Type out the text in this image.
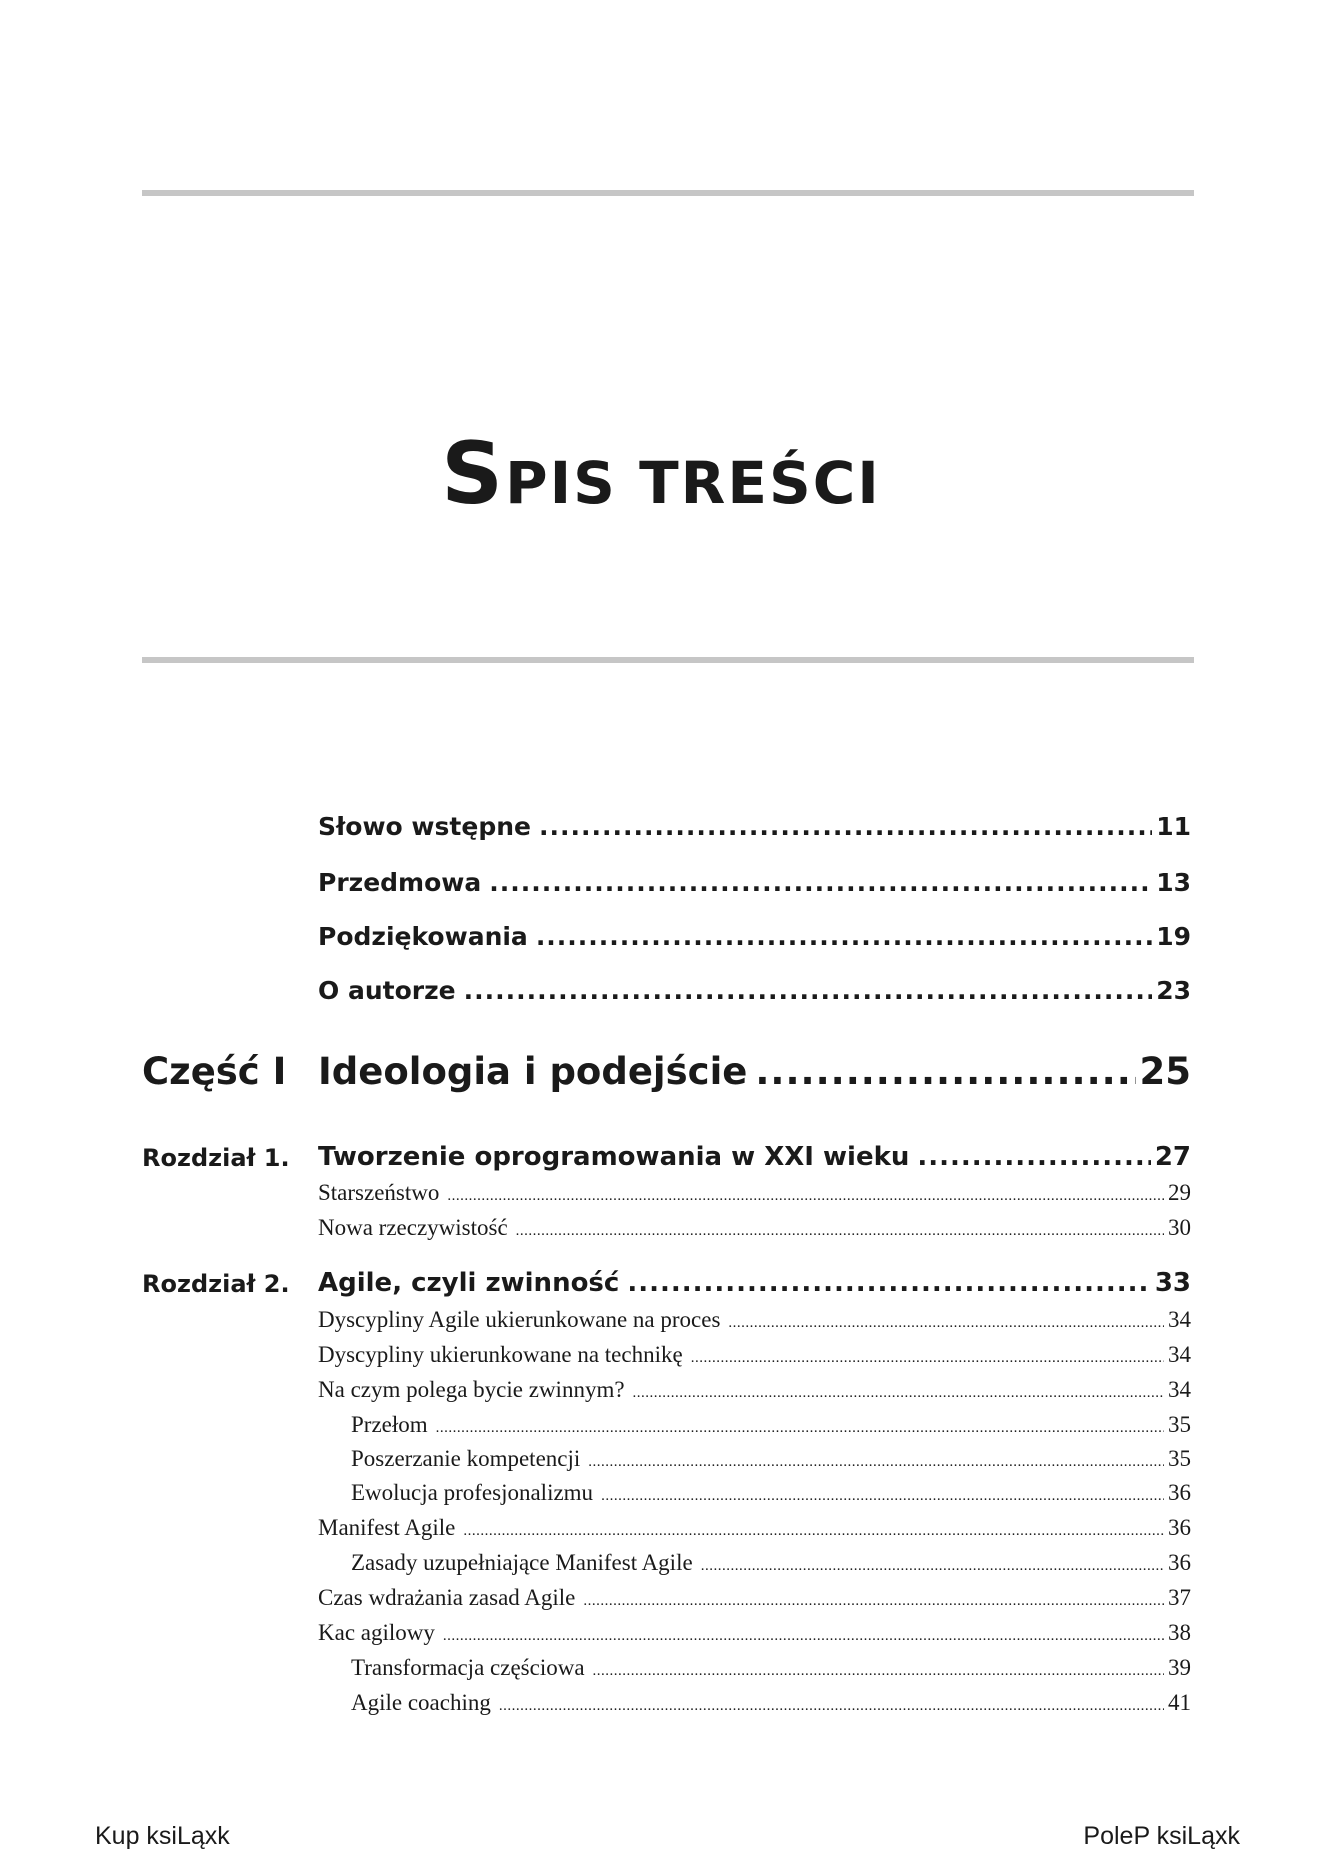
SPIS TREŚCI
Słowo wstępne .....	11
Przedmowa .....	13
Podziękowania .....	19
O autorze .....	23
Część I Ideologia i podejście .....	25
Rozdział 1. Tworzenie oprogramowania w XXI wieku .....	27
Starszeństwo .....	29
Nowa rzeczywistość .....	30
Rozdział 2. Agile, czyli zwinność .....	33
Dyscypliny Agile ukierunkowane na proces .....	34
Dyscypliny ukierunkowane na technikę .....	34
Na czym polega bycie zwinnym? .....	34
Przełom .....	35
Poszerzanie kompetencji .....	35
Ewolucja profesjonalizmu .....	36
Manifest Agile .....	36
Zasady uzupełniające Manifest Agile .....	36
Czas wdrażania zasad Agile .....	37
Kac agilowy .....	38
Transformacja częściowa .....	39
Agile coaching .....	41
Kup ksiLąxk	PoleP ksiLąxk
